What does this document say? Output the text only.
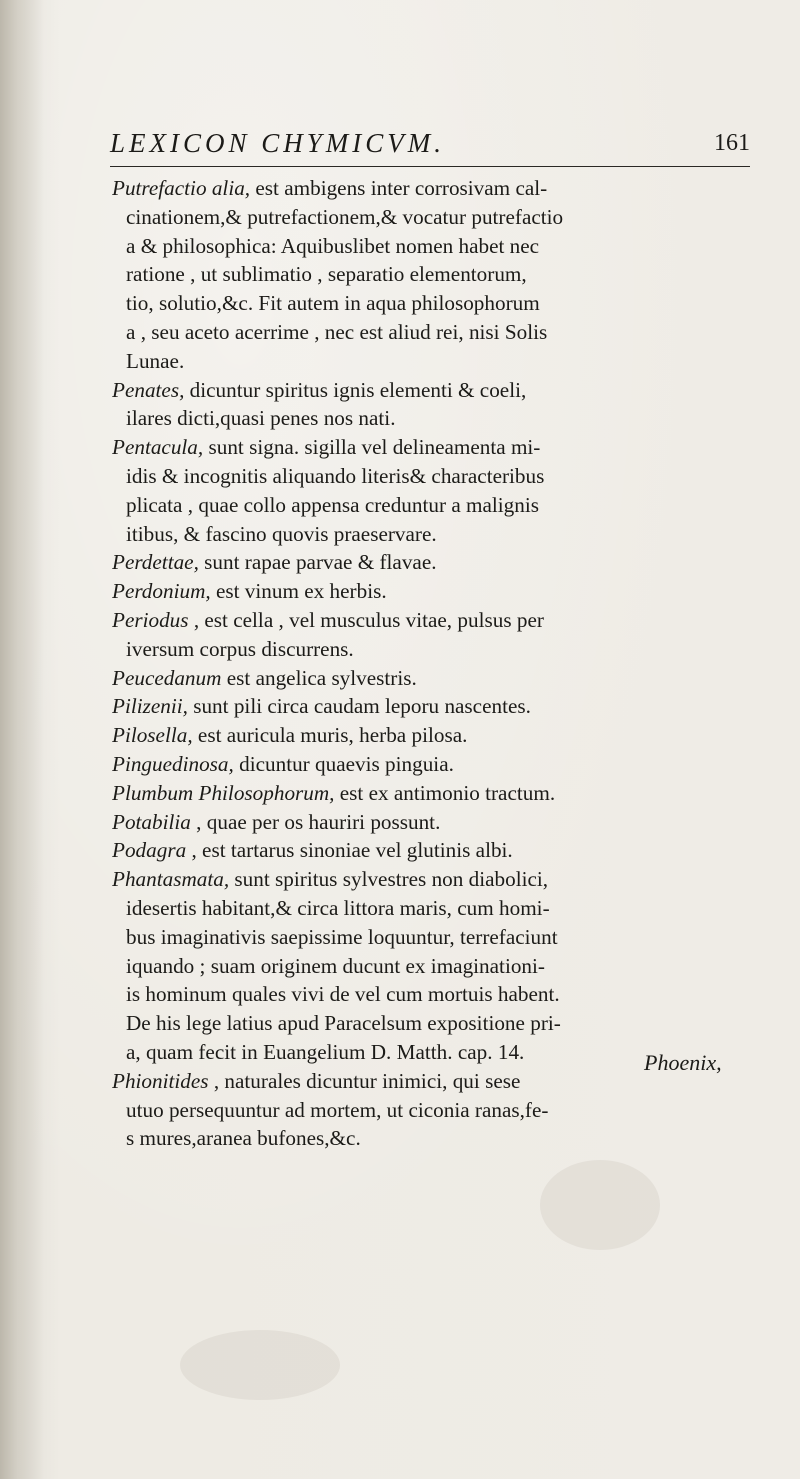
LEXICON CHYMICVM.	161
Putrefactio alia, est ambigens inter corrosivam cal-
cinationem,& putrefactionem,& vocatur putrefactio
a & philosophica: Aquibuslibet nomen habet nec
ratione , ut sublimatio , separatio elementorum,
tio, solutio,&c. Fit autem in aqua philosophorum
a , seu aceto acerrime , nec est aliud rei, nisi Solis
Lunae.
Penates, dicuntur spiritus ignis elementi & coeli,
ilares dicti,quasi penes nos nati.
Pentacula, sunt signa. sigilla vel delineamenta mi-
idis & incognitis aliquando literis& characteribus
plicata , quae collo appensa creduntur a malignis
itibus, & fascino quovis praeservare.
Perdettae, sunt rapae parvae & flavae.
Perdonium, est vinum ex herbis.
Periodus , est cella , vel musculus vitae, pulsus per
iversum corpus discurrens.
Peucedanum est angelica sylvestris.
Pilizenii, sunt pili circa caudam leporu nascentes.
Pilosella, est auricula muris, herba pilosa.
Pinguedinosa, dicuntur quaevis pinguia.
Plumbum Philosophorum, est ex antimonio tractum.
Potabilia , quae per os hauriri possunt.
Podagra , est tartarus sinoniae vel glutinis albi.
Phantasmata, sunt spiritus sylvestres non diabolici,
idesertis habitant,& circa littora maris, cum homi-
bus imaginativis saepissime loquuntur, terrefaciunt
iquando ; suam originem ducunt ex imaginationi-
is hominum quales vivi de vel cum mortuis habent.
De his lege latius apud Paracelsum expositione pri-
a, quam fecit in Euangelium D. Matth. cap. 14.
Phionitides , naturales dicuntur inimici, qui sese
utuo persequuntur ad mortem, ut ciconia ranas,fe-
s mures,aranea bufones,&c.
Phoenix,
